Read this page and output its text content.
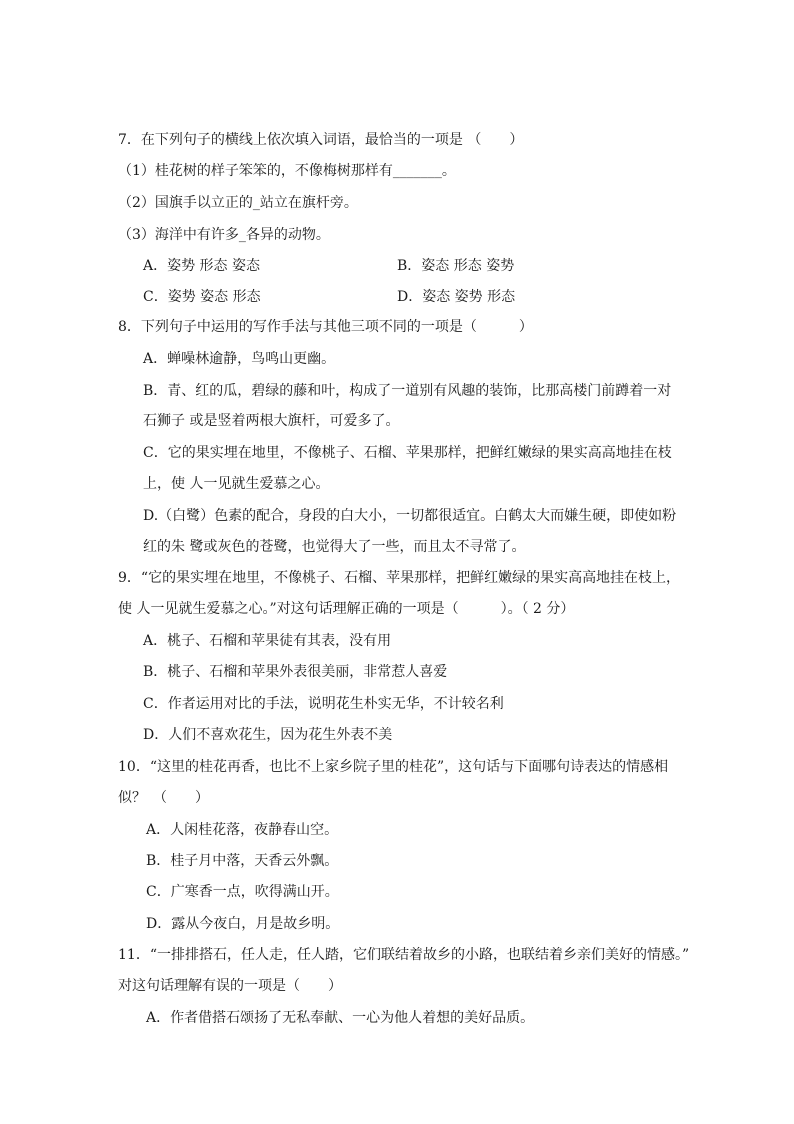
7．在下列句子的横线上依次填入词语，最恰当的一项是 （　　）
（1）桂花树的样子笨笨的，不像梅树那样有_______。
（2）国旗手以立正的_站立在旗杆旁。
（3）海洋中有许多_各异的动物。
A．姿势 形态 姿态	B．姿态 形态 姿势
C．姿势 姿态 形态	D．姿态 姿势 形态
8．下列句子中运用的写作手法与其他三项不同的一项是（　　　）
A．蝉噪林逾静，鸟鸣山更幽。
B．青、红的瓜，碧绿的藤和叶，构成了一道别有风趣的装饰，比那高楼门前蹲着一对
石狮子 或是竖着两根大旗杆，可爱多了。
C．它的果实埋在地里，不像桃子、石榴、苹果那样，把鲜红嫩绿的果实高高地挂在枝
上，使 人一见就生爱慕之心。
D.（白鹭）色素的配合，身段的白大小，一切都很适宜。白鹤太大而嫌生硬，即使如粉
红的朱 鹭或灰色的苍鹭，也觉得大了一些，而且太不寻常了。
9．“它的果实埋在地里，不像桃子、石榴、苹果那样，把鲜红嫩绿的果实高高地挂在枝上，
使 人一见就生爱慕之心。”对这句话理解正确的一项是（　　　）。（ 2 分）
A．桃子、石榴和苹果徒有其表，没有用
B．桃子、石榴和苹果外表很美丽，非常惹人喜爱
C．作者运用对比的手法，说明花生朴实无华，不计较名利
D．人们不喜欢花生，因为花生外表不美
10．“这里的桂花再香，也比不上家乡院子里的桂花”，这句话与下面哪句诗表达的情感相
似？　（　　）
A．人闲桂花落，夜静春山空。
B．桂子月中落，天香云外飘。
C．广寒香一点，吹得满山开。
D．露从今夜白，月是故乡明。
11．“一排排搭石，任人走，任人踏，它们联结着故乡的小路，也联结着乡亲们美好的情感。”
对这句话理解有误的一项是（　　）
A．作者借搭石颂扬了无私奉献、一心为他人着想的美好品质。
